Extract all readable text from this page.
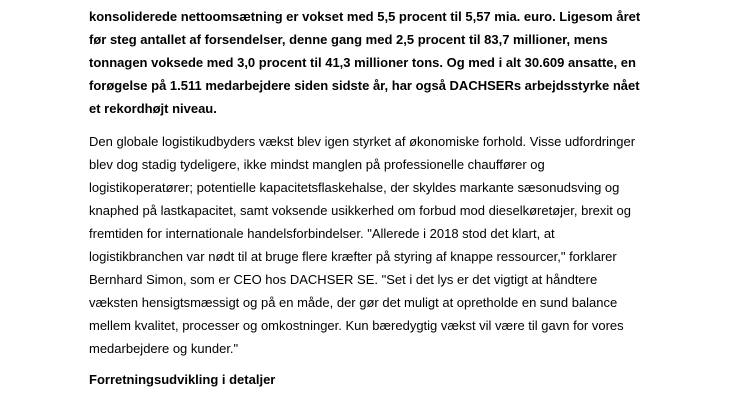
konsoliderede nettoomsætning er vokset med 5,5 procent til 5,57 mia. euro. Ligesom året
før steg antallet af forsendelser, denne gang med 2,5 procent til 83,7 millioner, mens
tonnagen voksede med 3,0 procent til 41,3 millioner tons. Og med i alt 30.609 ansatte, en
forøgelse på 1.511 medarbejdere siden sidste år, har også DACHSERs arbejdsstyrke nået
et rekordhøjt niveau.

Den globale logistikudbyders vækst blev igen styrket af økonomiske forhold. Visse udfordringer
blev dog stadig tydeligere, ikke mindst manglen på professionelle chauffører og
logistikoperatører; potentielle kapacitetsflaskehalse, der skyldes markante sæsonudsving og
knaphed på lastkapacitet, samt voksende usikkerhed om forbud mod dieselkøretøjer, brexit og
fremtiden for internationale handelsforbindelser. "Allerede i 2018 stod det klart, at
logistikbranchen var nødt til at bruge flere kræfter på styring af knappe ressourcer," forklarer
Bernhard Simon, som er CEO hos DACHSER SE. "Set i det lys er det vigtigt at håndtere
væksten hensigtsmæssigt og på en måde, der gør det muligt at opretholde en sund balance
mellem kvalitet, processer og omkostninger. Kun bæredygtig vækst vil være til gavn for vores
medarbejdere og kunder."

Forretningsudvikling i detaljer
